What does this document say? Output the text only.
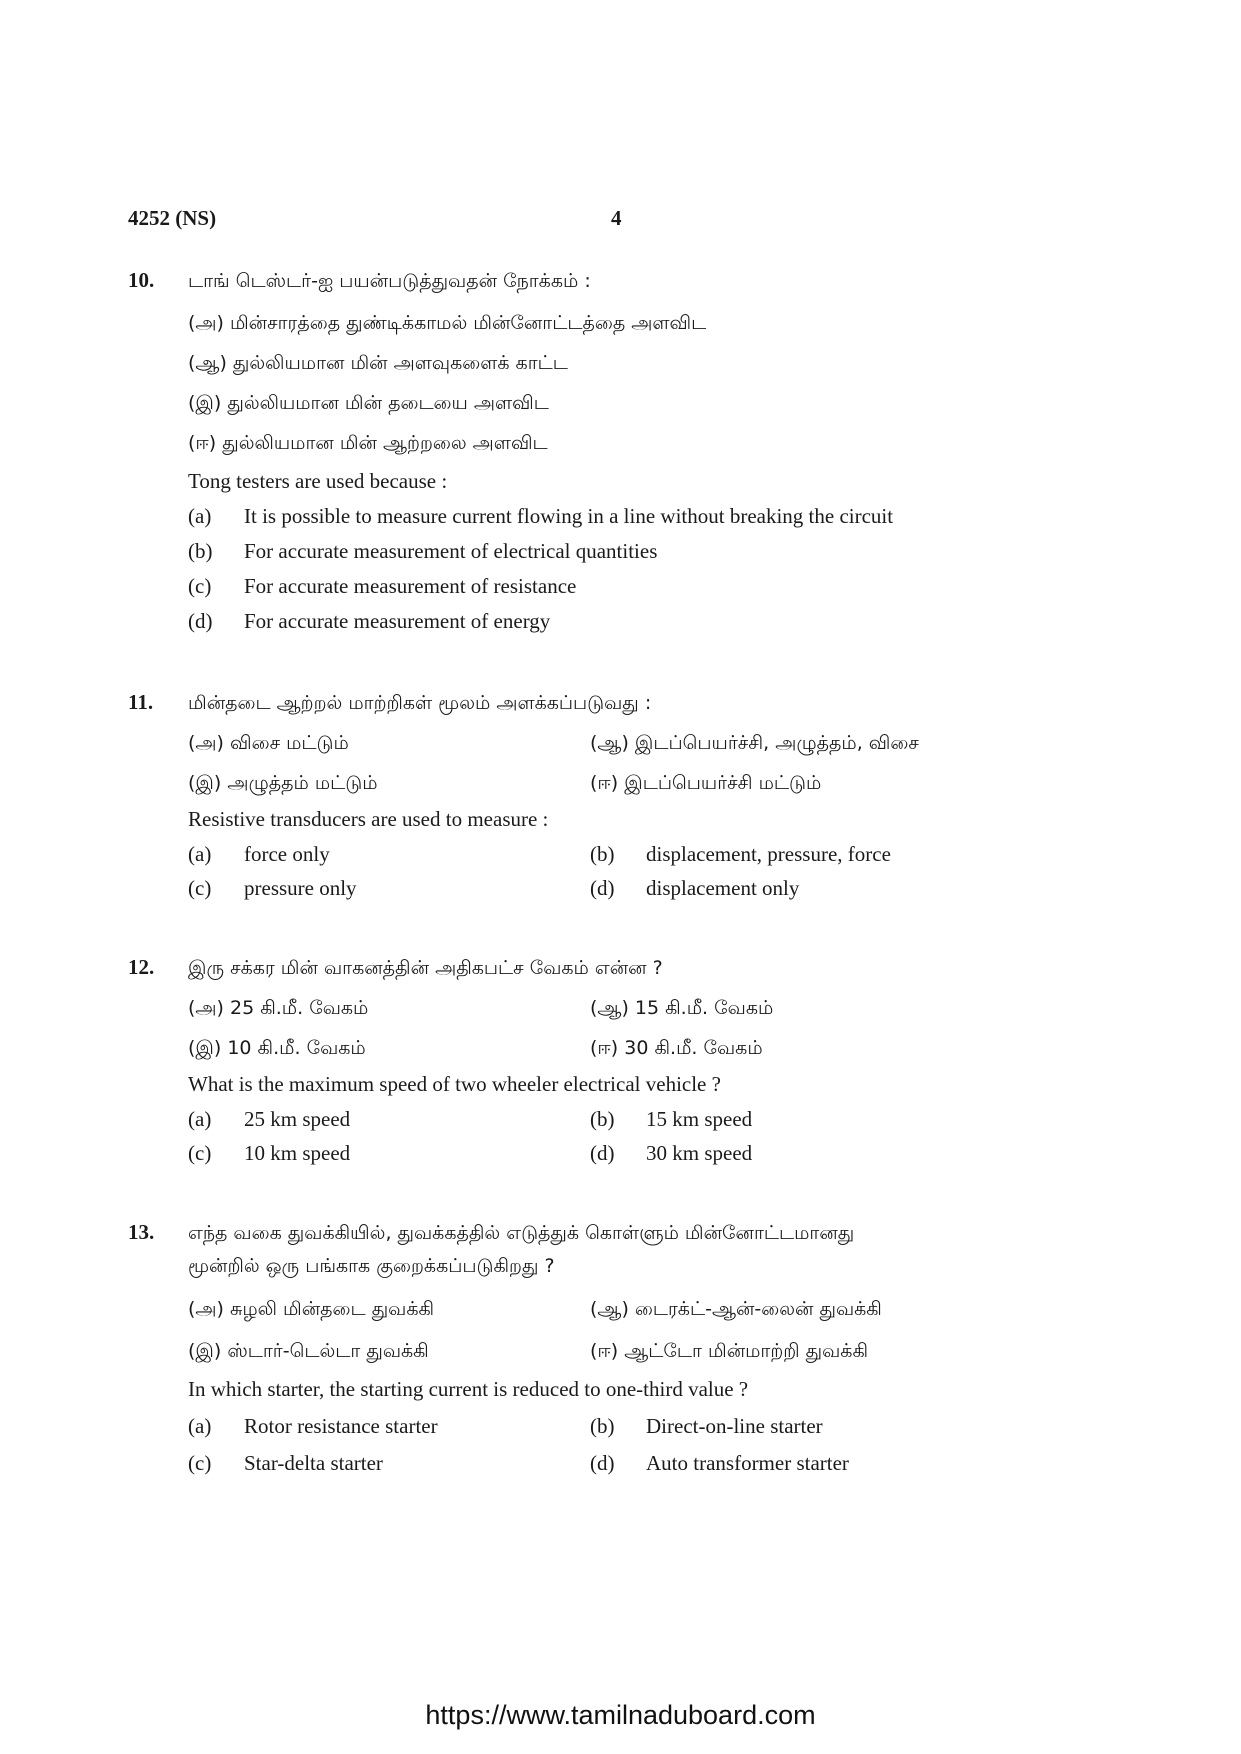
4252 (NS)	4
10. டாங் டெஸ்டர்-ஐ பயன்படுத்துவதன் நோக்கம் :
(அ) மின்சாரத்தை துண்டிக்காமல் மின்னோட்டத்தை அளவிட
(ஆ) துல்லியமான மின் அளவுகளைக் காட்ட
(இ) துல்லியமான மின் தடையை அளவிட
(ஈ) துல்லியமான மின் ஆற்றலை அளவிட
Tong testers are used because :
(a) It is possible to measure current flowing in a line without breaking the circuit
(b) For accurate measurement of electrical quantities
(c) For accurate measurement of resistance
(d) For accurate measurement of energy
11. மின்தடை ஆற்றல் மாற்றிகள் மூலம் அளக்கப்படுவது :
(அ) விசை மட்டும்	(ஆ) இடப்பெயர்ச்சி, அழுத்தம், விசை
(இ) அழுத்தம் மட்டும்	(ஈ) இடப்பெயர்ச்சி மட்டும்
Resistive transducers are used to measure :
(a) force only	(b) displacement, pressure, force
(c) pressure only	(d) displacement only
12. இரு சக்கர மின் வாகனத்தின் அதிகபட்ச வேகம் என்ன ?
(அ) 25 கி.மீ. வேகம்	(ஆ) 15 கி.மீ. வேகம்
(இ) 10 கி.மீ. வேகம்	(ஈ) 30 கி.மீ. வேகம்
What is the maximum speed of two wheeler electrical vehicle ?
(a) 25 km speed	(b) 15 km speed
(c) 10 km speed	(d) 30 km speed
13. எந்த வகை துவக்கியில், துவக்கத்தில் எடுத்துக் கொள்ளும் மின்னோட்டமானது
மூன்றில் ஒரு பங்காக குறைக்கப்படுகிறது ?
(அ) சுழலி மின்தடை துவக்கி	(ஆ) டைரக்ட்-ஆன்-லைன் துவக்கி
(இ) ஸ்டார்-டெல்டா துவக்கி	(ஈ) ஆட்டோ மின்மாற்றி துவக்கி
In which starter, the starting current is reduced to one-third value ?
(a) Rotor resistance starter	(b) Direct-on-line starter
(c) Star-delta starter	(d) Auto transformer starter
https://www.tamilnaduboard.com
